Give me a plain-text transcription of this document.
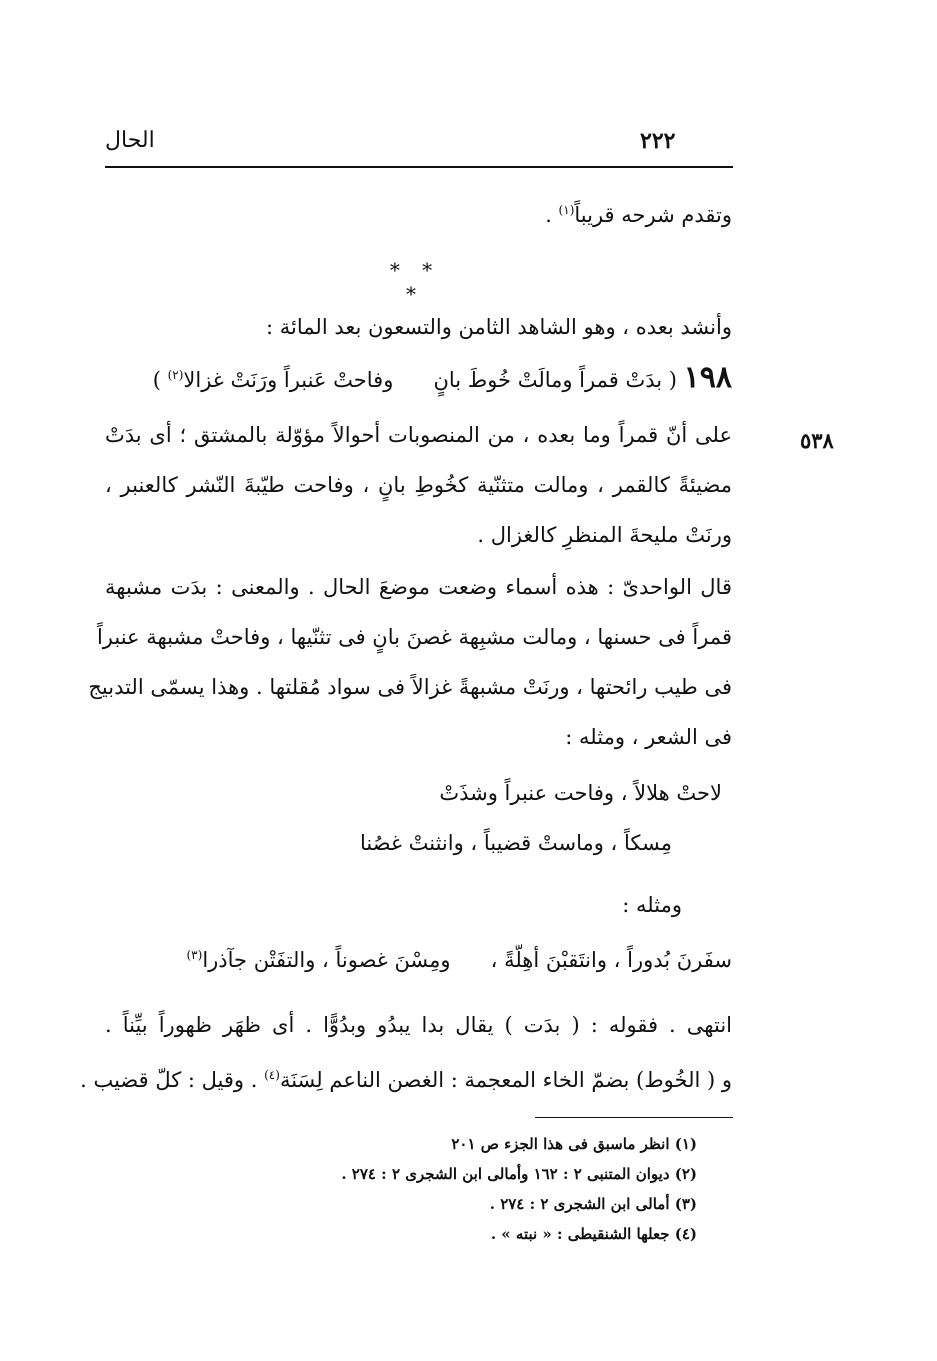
الحال	٢٢٢
٥٣٨
وتقدم شرحه قريباً$^{(١)}$ .
* * *
وأنشد بعده ، وهو الشاهد الثامن والتسعون بعد المائة :
١٩٨ ( بدَتْ قمراً ومالَتْ خُوطَ بانٍ      وفاحتْ عَنبراً ورَنَتْ غزالا$^{(٢)}$ )
على أنّ قمراً وما بعده ، من المنصوبات أحوالاً مؤوّلة بالمشتق ؛ أى بدَتْ
مضيئةً كالقمر ، ومالت متثنّية كخُوطِ بانٍ ، وفاحت طيّبةَ النّشر كالعنبر ،
ورنَتْ مليحةَ المنظرِ كالغزال .
قال الواحدىّ : هذه أسماء وضعت موضعَ الحال . والمعنى : بدَت مشبهة
قمراً فى حسنها ، ومالت مشبِهة غصنَ بانٍ فى تثنّيها ، وفاحتْ مشبهة عنبراً
فى طيب رائحتها ، ورنَتْ مشبهةً غزالاً فى سواد مُقلتها . وهذا يسمّى التدبيج
فى الشعر ، ومثله :
لاحتْ هلالاً ، وفاحت عنبراً وشذَتْ
مِسكاً ، وماستْ قضيباً ، وانثنتْ غصُنا
ومثله :
سفَرنَ بُدوراً ، وانتَقبْنَ أهِلّةً ،      ومِسْنَ غصوناً ، والتفَتْن جآذرا$^{(٣)}$
انتهى . فقوله : ( بدَت ) يقال بدا يبدُو وبدُوًّا . أى ظهَر ظهوراً بيِّناً .
و ( الخُوط) بضمّ الخاء المعجمة : الغصن الناعم لِسَنَة$^{(٤)}$ . وقيل : كلّ قضيب .
(١) انظر ماسبق فى هذا الجزء ص ٢٠١
(٢) ديوان المتنبى ٢ : ١٦٢ وأمالى ابن الشجرى ٢ : ٢٧٤ .
(٣) أمالى ابن الشجرى ٢ : ٢٧٤ .
(٤) جعلها الشنقيطى : « نبته » .
